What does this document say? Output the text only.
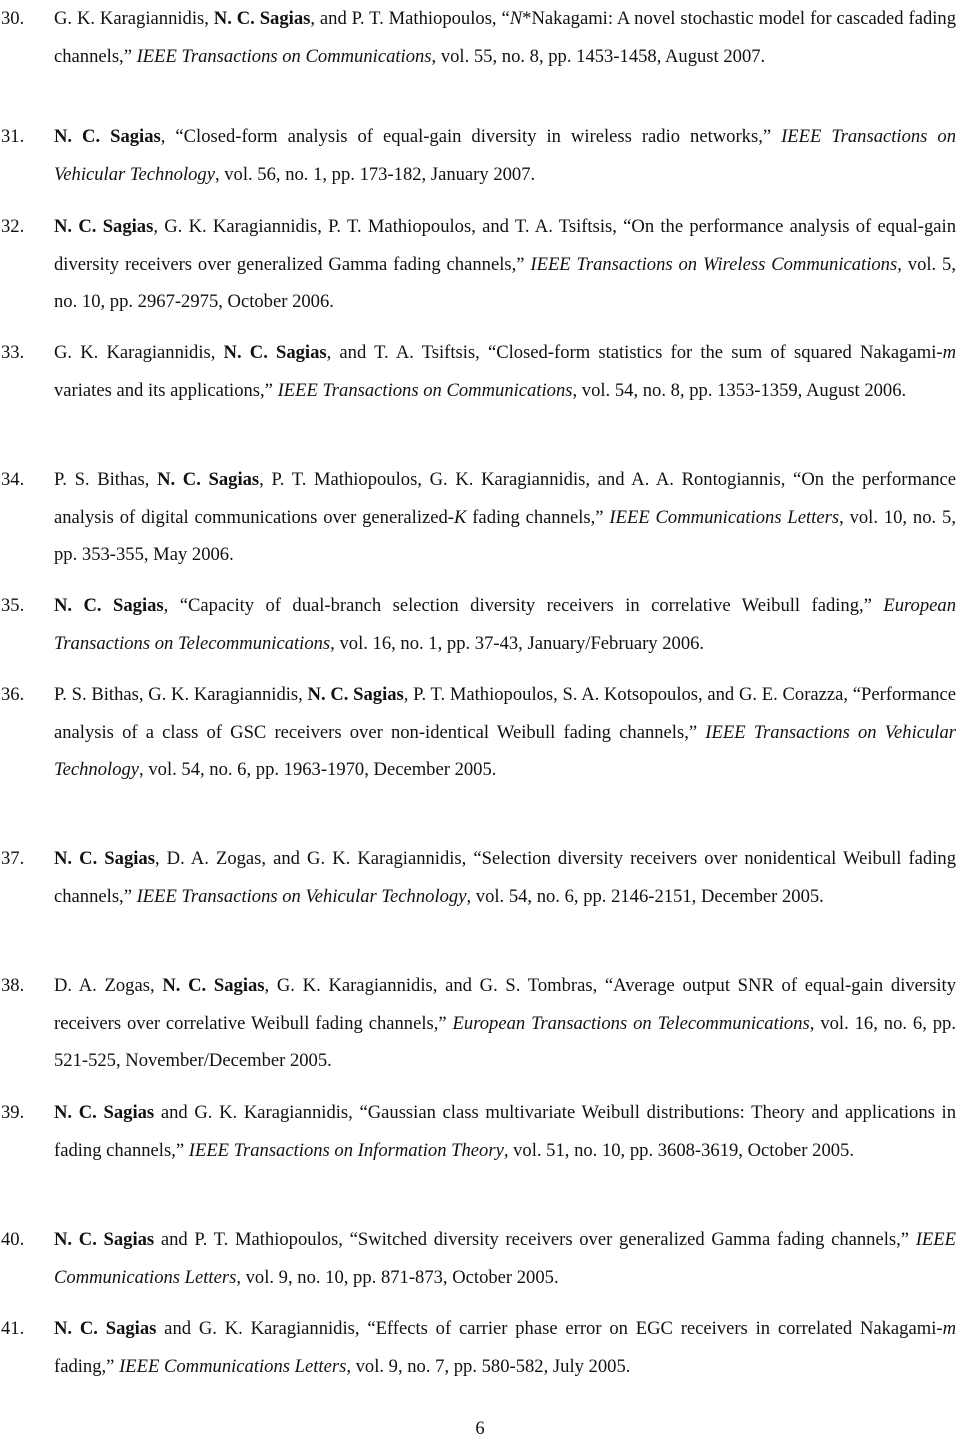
30.	G. K. Karagiannidis, N. C. Sagias, and P. T. Mathiopoulos, “N*Nakagami: A novel stochastic model for cascaded fading channels,” IEEE Transactions on Communications, vol. 55, no. 8, pp. 1453-1458, August 2007.
31.	N. C. Sagias, “Closed-form analysis of equal-gain diversity in wireless radio networks,” IEEE Transactions on Vehicular Technology, vol. 56, no. 1, pp. 173-182, January 2007.
32.	N. C. Sagias, G. K. Karagiannidis, P. T. Mathiopoulos, and T. A. Tsiftsis, “On the performance analysis of equal-gain diversity receivers over generalized Gamma fading channels,” IEEE Transactions on Wireless Communications, vol. 5, no. 10, pp. 2967-2975, October 2006.
33.	G. K. Karagiannidis, N. C. Sagias, and T. A. Tsiftsis, “Closed-form statistics for the sum of squared Nakagami-m variates and its applications,” IEEE Transactions on Communications, vol. 54, no. 8, pp. 1353-1359, August 2006.
34.	P. S. Bithas, N. C. Sagias, P. T. Mathiopoulos, G. K. Karagiannidis, and A. A. Rontogiannis, “On the performance analysis of digital communications over generalized-K fading channels,” IEEE Communications Letters, vol. 10, no. 5, pp. 353-355, May 2006.
35.	N. C. Sagias, “Capacity of dual-branch selection diversity receivers in correlative Weibull fading,” European Transactions on Telecommunications, vol. 16, no. 1, pp. 37-43, January/February 2006.
36.	P. S. Bithas, G. K. Karagiannidis, N. C. Sagias, P. T. Mathiopoulos, S. A. Kotsopoulos, and G. E. Corazza, “Performance analysis of a class of GSC receivers over non-identical Weibull fading channels,” IEEE Transactions on Vehicular Technology, vol. 54, no. 6, pp. 1963-1970, December 2005.
37.	N. C. Sagias, D. A. Zogas, and G. K. Karagiannidis, “Selection diversity receivers over nonidentical Weibull fading channels,” IEEE Transactions on Vehicular Technology, vol. 54, no. 6, pp. 2146-2151, December 2005.
38.	D. A. Zogas, N. C. Sagias, G. K. Karagiannidis, and G. S. Tombras, “Average output SNR of equal-gain diversity receivers over correlative Weibull fading channels,” European Transactions on Telecommunications, vol. 16, no. 6, pp. 521-525, November/December 2005.
39.	N. C. Sagias and G. K. Karagiannidis, “Gaussian class multivariate Weibull distributions: Theory and applications in fading channels,” IEEE Transactions on Information Theory, vol. 51, no. 10, pp. 3608-3619, October 2005.
40.	N. C. Sagias and P. T. Mathiopoulos, “Switched diversity receivers over generalized Gamma fading channels,” IEEE Communications Letters, vol. 9, no. 10, pp. 871-873, October 2005.
41.	N. C. Sagias and G. K. Karagiannidis, “Effects of carrier phase error on EGC receivers in correlated Nakagami-m fading,” IEEE Communications Letters, vol. 9, no. 7, pp. 580-582, July 2005.
6
